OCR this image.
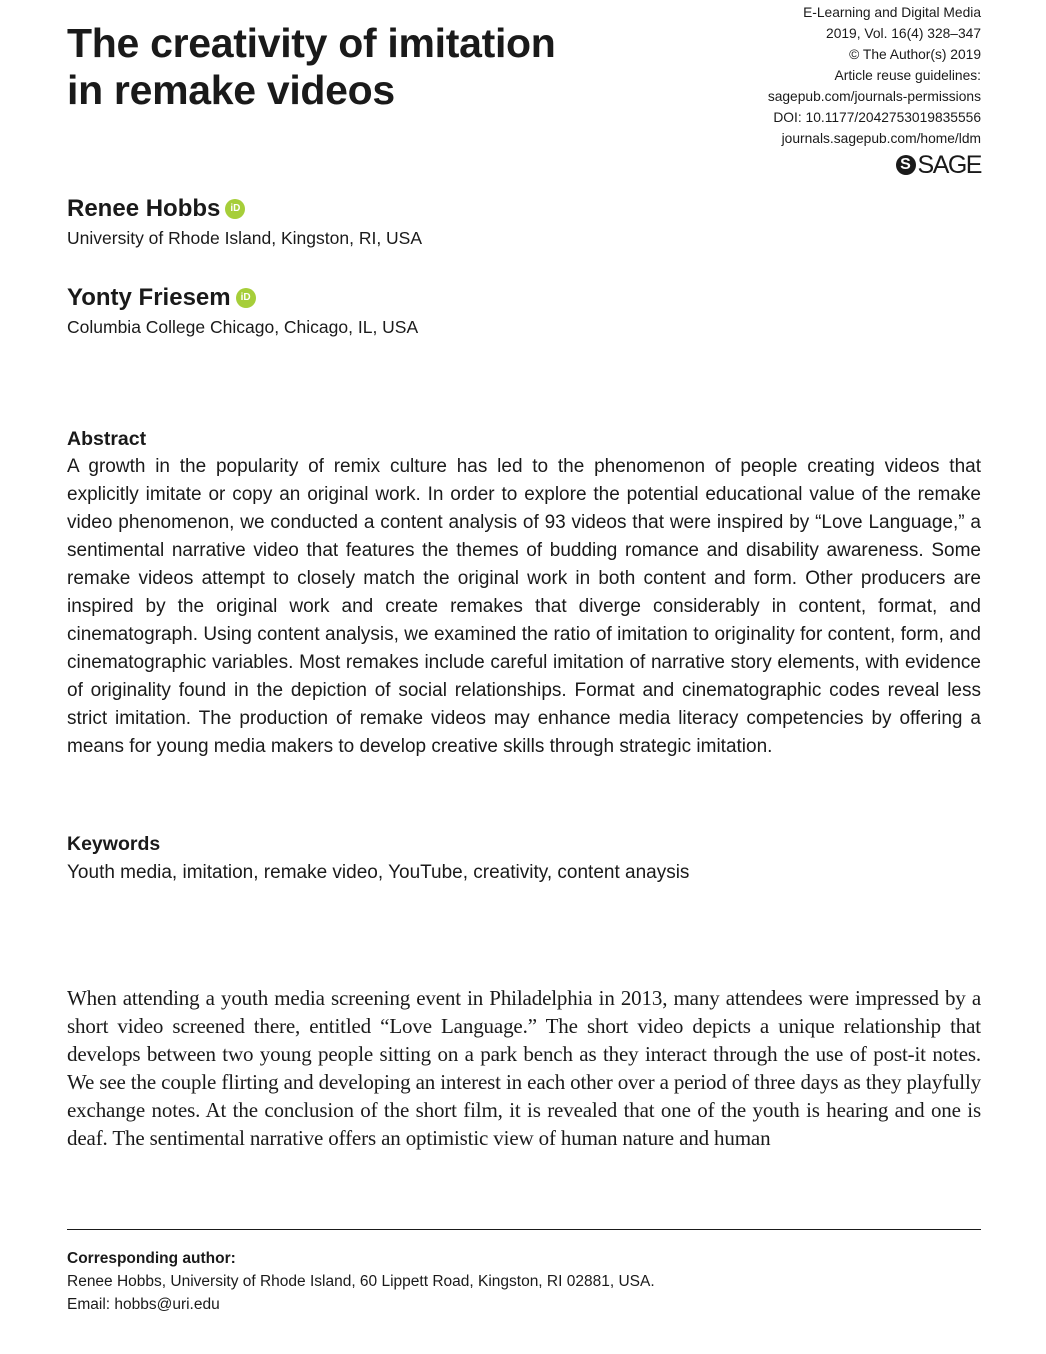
The creativity of imitation
in remake videos
E-Learning and Digital Media
2019, Vol. 16(4) 328–347
© The Author(s) 2019
Article reuse guidelines:
sagepub.com/journals-permissions
DOI: 10.1177/2042753019835556
journals.sagepub.com/home/ldm
S SAGE

Renee Hobbs	iD

University of Rhode Island, Kingston, RI, USA

Yonty Friesem	iD

Columbia College Chicago, Chicago, IL, USA

Abstract

A growth in the popularity of remix culture has led to the phenomenon of people creating videos that explicitly imitate or copy an original work. In order to explore the potential educational value of the remake video phenomenon, we conducted a content analysis of 93 videos that were inspired by “Love Language,” a sentimental narrative video that features the themes of budding romance and disability awareness. Some remake videos attempt to closely match the original work in both content and form. Other producers are inspired by the original work and create remakes that diverge considerably in content, format, and cinematograph. Using content analysis, we examined the ratio of imitation to originality for content, form, and cinematographic variables. Most remakes include careful imitation of narrative story elements, with evidence of originality found in the depiction of social relationships. Format and cinematographic codes reveal less strict imitation. The production of remake videos may enhance media literacy competencies by offering a means for young media makers to develop creative skills through strategic imitation.

Keywords

Youth media, imitation, remake video, YouTube, creativity, content anaysis

When attending a youth media screening event in Philadelphia in 2013, many attendees were impressed by a short video screened there, entitled “Love Language.” The short video depicts a unique relationship that develops between two young people sitting on a park bench as they interact through the use of post-it notes. We see the couple flirting and developing an interest in each other over a period of three days as they playfully exchange notes. At the conclusion of the short film, it is revealed that one of the youth is hearing and one is deaf. The sentimental narrative offers an optimistic view of human nature and human

Corresponding author:

Renee Hobbs, University of Rhode Island, 60 Lippett Road, Kingston, RI 02881, USA.

Email: hobbs@uri.edu
